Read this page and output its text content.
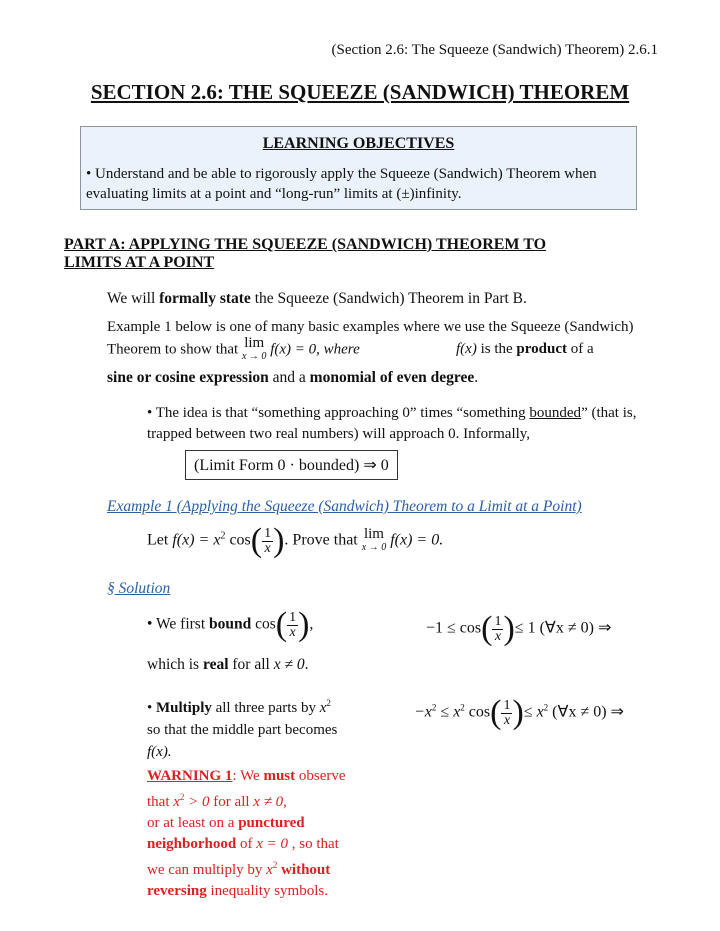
(Section 2.6: The Squeeze (Sandwich) Theorem) 2.6.1
SECTION 2.6: THE SQUEEZE (SANDWICH) THEOREM
LEARNING OBJECTIVES
• Understand and be able to rigorously apply the Squeeze (Sandwich) Theorem when evaluating limits at a point and “long-run” limits at (±)infinity.
PART A: APPLYING THE SQUEEZE (SANDWICH) THEOREM TO
LIMITS AT A POINT
We will formally state the Squeeze (Sandwich) Theorem in Part B.
Example 1 below is one of many basic examples where we use the Squeeze (Sandwich) Theorem to show that lim
x → 0 f(x) = 0, where
sine or cosine expression and a monomial of even degree.
f(x) is the product of a
• The idea is that “something approaching 0” times “something bounded” (that is, trapped between two real numbers) will approach 0. Informally,
(Limit Form 0 · bounded) ⇒ 0
Example 1 (Applying the Squeeze (Sandwich) Theorem to a Limit at a Point)
Let $f(x) = x^2$ $\cos( \frac{1}{x}$ ). Prove that lim
x → 0 f(x) = 0.
§ Solution
• We first bound $\cos( \frac{1}{x}$ ),
which is real for all x ≠ 0.
$-1 \le \cos( \frac{1}{x}$ )≤ 1 (∀x ≠ 0) ⇒
• Multiply all three parts by $x^2$
so that the middle part becomes
f(x).
$-x^2 \le x^2$ $\cos( \frac{1}{x}$ )≤ $x^2$ (∀x ≠ 0) ⇒
WARNING 1: We must observe
that $x^2 > 0$ for all x ≠ 0,
or at least on a punctured
neighborhood of x = 0 , so that
we can multiply by $x^2$ without
reversing inequality symbols.
